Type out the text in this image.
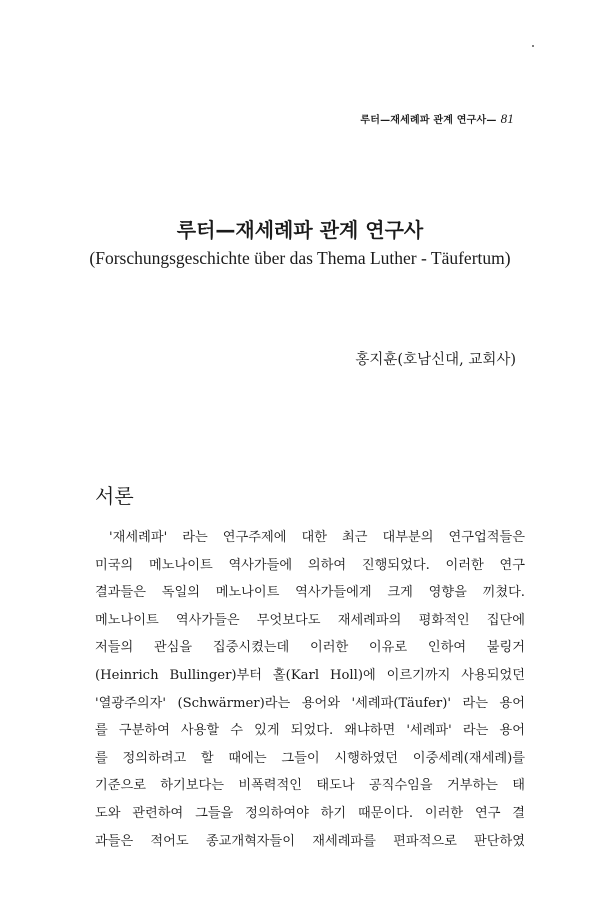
루터—재세례파 관계 연구사— 81
루터—재세례파 관계 연구사
(Forschungsgeschichte über das Thema Luther - Täufertum)
홍지훈(호남신대, 교회사)
서론
'재세례파' 라는 연구주제에 대한 최근 대부분의 연구업적들은
미국의 메노나이트 역사가들에 의하여 진행되었다. 이러한 연구
결과들은 독일의 메노나이트 역사가들에게 크게 영향을 끼쳤다.
메노나이트 역사가들은 무엇보다도 재세례파의 평화적인 집단에
저들의 관심을 집중시켰는데 이러한 이유로 인하여 불링거
(Heinrich Bullinger)부터 홀(Karl Holl)에 이르기까지 사용되었던
'열광주의자' (Schwärmer)라는 용어와 '세례파(Täufer)' 라는 용어
를 구분하여 사용할 수 있게 되었다. 왜냐하면 '세례파' 라는 용어
를 정의하려고 할 때에는 그들이 시행하였던 이중세례(재세례)를
기준으로 하기보다는 비폭력적인 태도나 공직수임을 거부하는 태
도와 관련하여 그들을 정의하여야 하기 때문이다. 이러한 연구 결
과들은 적어도 종교개혁자들이 재세례파를 편파적으로 판단하였
